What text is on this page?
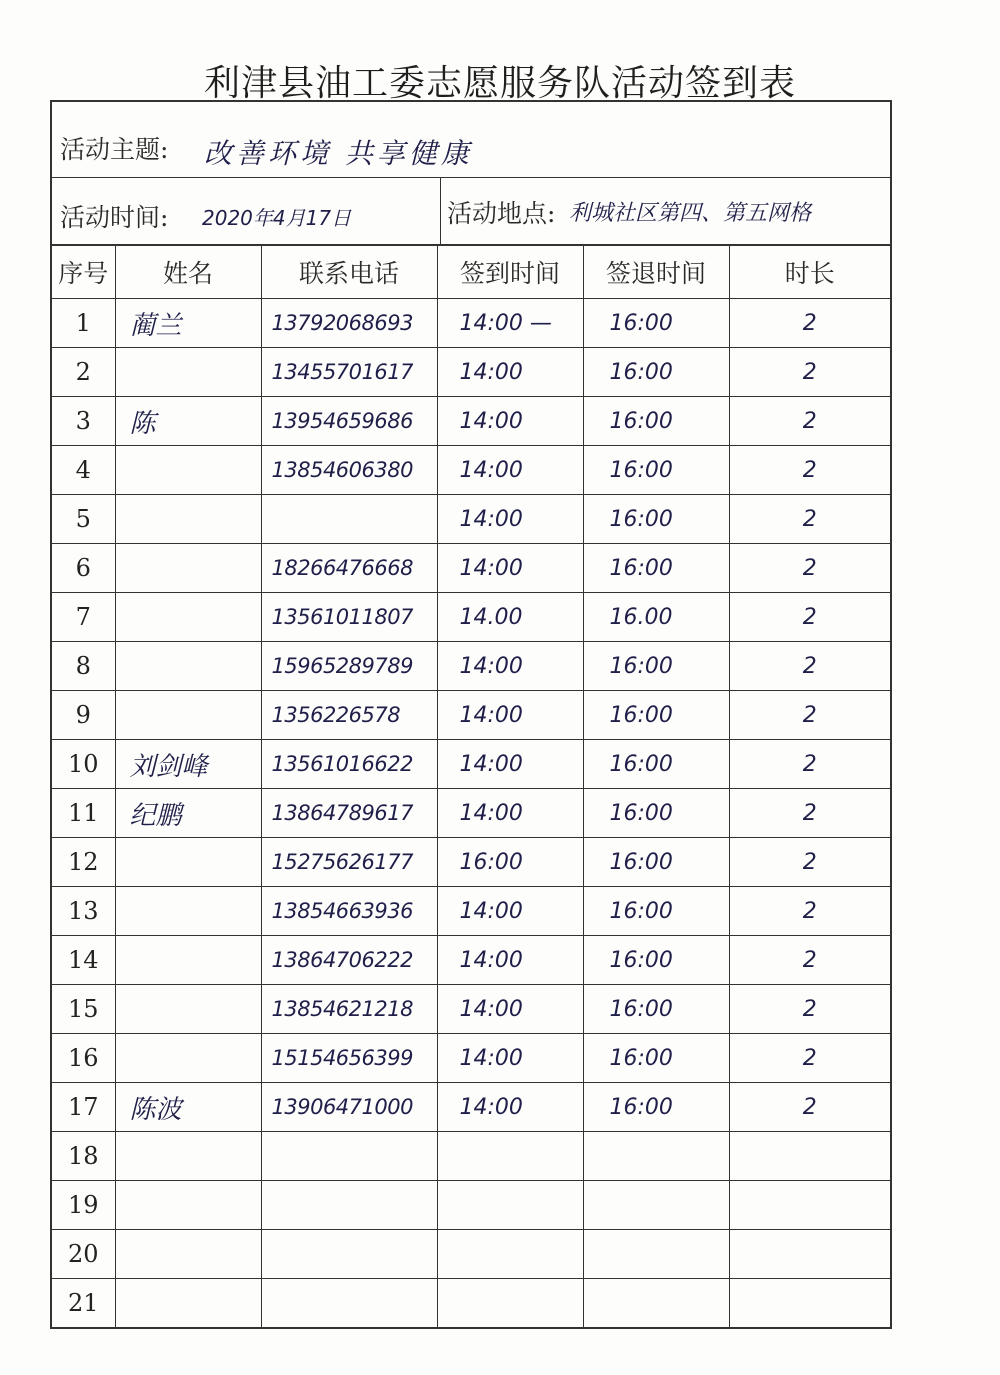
利津县油工委志愿服务队活动签到表
活动主题: 改善环境 共享健康
活动时间: 2020年4月17日	活动地点: 利城社区第四、第五网格
序号	姓名	联系电话	签到时间	签退时间	时长
1	蔺兰	13792068693	14:00 —	16:00	2
2		13455701617	14:00	16:00	2
3	陈	13954659686	14:00	16:00	2
4		13854606380	14:00	16:00	2
5			14:00	16:00	2
6		18266476668	14:00	16:00	2
7		13561011807	14.00	16.00	2
8		15965289789	14:00	16:00	2
9		1356226578	14:00	16:00	2
10	刘剑峰	13561016622	14:00	16:00	2
11	纪鹏	13864789617	14:00	16:00	2
12		15275626177	16:00	16:00	2
13		13854663936	14:00	16:00	2
14		13864706222	14:00	16:00	2
15		13854621218	14:00	16:00	2
16		15154656399	14:00	16:00	2
17	陈波	13906471000	14:00	16:00	2
18					
19					
20					
21					
